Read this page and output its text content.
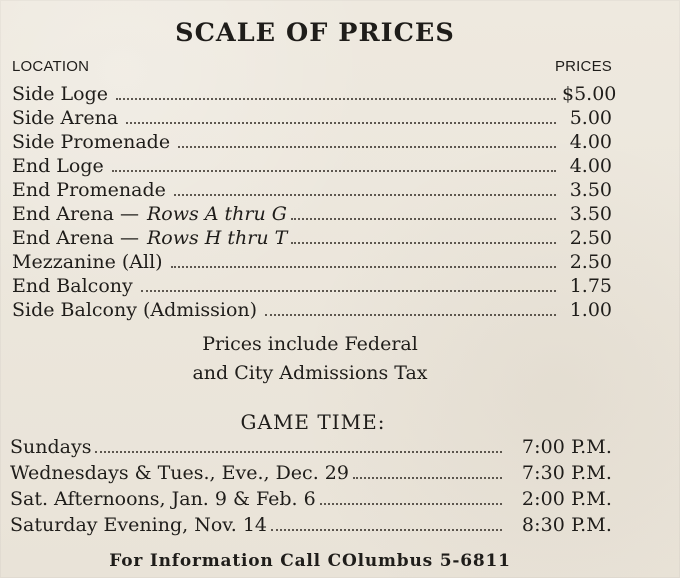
SCALE OF PRICES
LOCATION	PRICES
Side Loge	$5.00
Side Arena	5.00
Side Promenade	4.00
End Loge	4.00
End Promenade	3.50
End Arena — Rows A thru G	3.50
End Arena — Rows H thru T	2.50
Mezzanine (All)	2.50
End Balcony	1.75
Side Balcony (Admission)	1.00
Prices include Federal
and City Admissions Tax
GAME TIME:
Sundays	7:00 P.M.
Wednesdays & Tues., Eve., Dec. 29	7:30 P.M.
Sat. Afternoons, Jan. 9 & Feb. 6	2:00 P.M.
Saturday Evening, Nov. 14	8:30 P.M.
For Information Call COlumbus 5-6811
